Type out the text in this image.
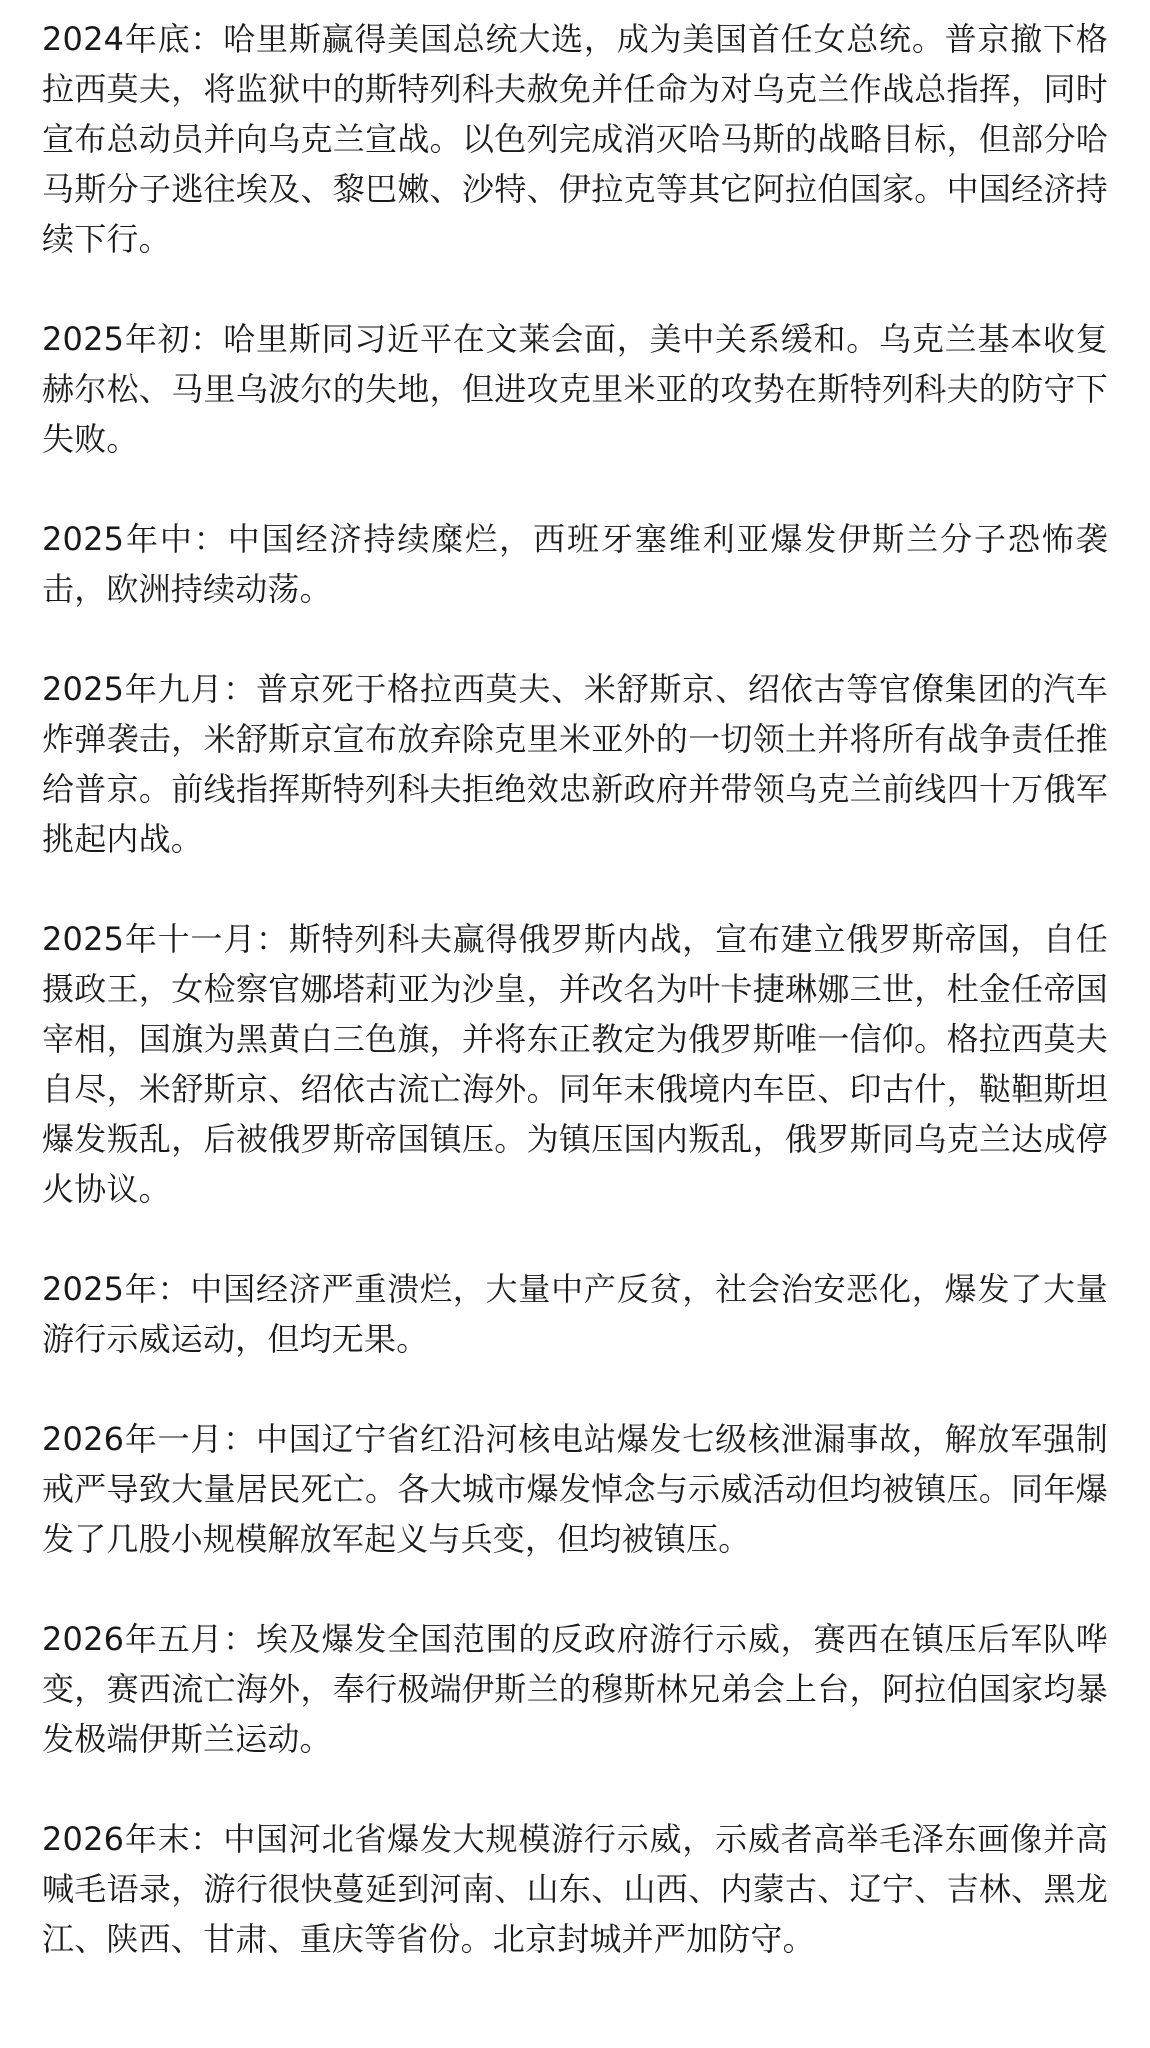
2024年底：哈里斯赢得美国总统大选，成为美国首任女总统。普京撤下格拉西莫夫，将监狱中的斯特列科夫赦免并任命为对乌克兰作战总指挥，同时宣布总动员并向乌克兰宣战。以色列完成消灭哈马斯的战略目标，但部分哈马斯分子逃往埃及、黎巴嫩、沙特、伊拉克等其它阿拉伯国家。中国经济持续下行。

2025年初：哈里斯同习近平在文莱会面，美中关系缓和。乌克兰基本收复赫尔松、马里乌波尔的失地，但进攻克里米亚的攻势在斯特列科夫的防守下失败。

2025年中：中国经济持续糜烂，西班牙塞维利亚爆发伊斯兰分子恐怖袭击，欧洲持续动荡。

2025年九月：普京死于格拉西莫夫、米舒斯京、绍依古等官僚集团的汽车炸弹袭击，米舒斯京宣布放弃除克里米亚外的一切领土并将所有战争责任推给普京。前线指挥斯特列科夫拒绝效忠新政府并带领乌克兰前线四十万俄军挑起内战。

2025年十一月：斯特列科夫赢得俄罗斯内战，宣布建立俄罗斯帝国，自任摄政王，女检察官娜塔莉亚为沙皇，并改名为叶卡捷琳娜三世，杜金任帝国宰相，国旗为黑黄白三色旗，并将东正教定为俄罗斯唯一信仰。格拉西莫夫自尽，米舒斯京、绍依古流亡海外。同年末俄境内车臣、印古什，鞑靼斯坦爆发叛乱，后被俄罗斯帝国镇压。为镇压国内叛乱，俄罗斯同乌克兰达成停火协议。

2025年：中国经济严重溃烂，大量中产反贫，社会治安恶化，爆发了大量游行示威运动，但均无果。

2026年一月：中国辽宁省红沿河核电站爆发七级核泄漏事故，解放军强制戒严导致大量居民死亡。各大城市爆发悼念与示威活动但均被镇压。同年爆发了几股小规模解放军起义与兵变，但均被镇压。

2026年五月：埃及爆发全国范围的反政府游行示威，赛西在镇压后军队哗变，赛西流亡海外，奉行极端伊斯兰的穆斯林兄弟会上台，阿拉伯国家均暴发极端伊斯兰运动。

2026年末：中国河北省爆发大规模游行示威，示威者高举毛泽东画像并高喊毛语录，游行很快蔓延到河南、山东、山西、内蒙古、辽宁、吉林、黑龙江、陕西、甘肃、重庆等省份。北京封城并严加防守。
